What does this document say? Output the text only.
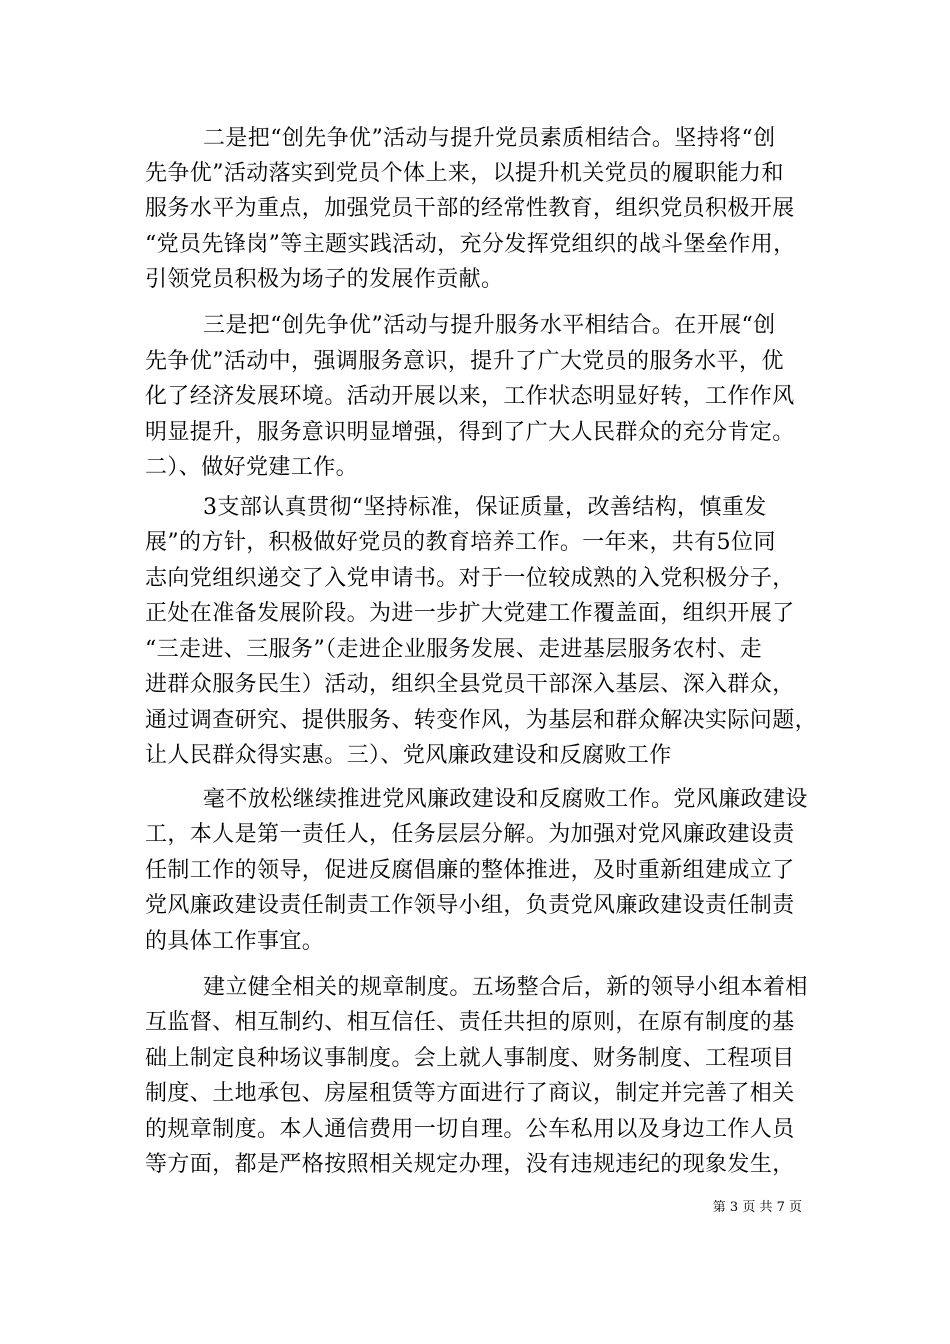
二是把“创先争优”活动与提升党员素质相结合。坚持将“创
先争优”活动落实到党员个体上来，以提升机关党员的履职能力和
服务水平为重点，加强党员干部的经常性教育，组织党员积极开展
“党员先锋岗”等主题实践活动，充分发挥党组织的战斗堡垒作用，
引领党员积极为场子的发展作贡献。
三是把“创先争优”活动与提升服务水平相结合。在开展“创
先争优”活动中，强调服务意识，提升了广大党员的服务水平，优
化了经济发展环境。活动开展以来，工作状态明显好转，工作作风
明显提升，服务意识明显增强，得到了广大人民群众的充分肯定。
二）、做好党建工作。
3支部认真贯彻“坚持标准，保证质量，改善结构，慎重发
展”的方针，积极做好党员的教育培养工作。一年来，共有5位同
志向党组织递交了入党申请书。对于一位较成熟的入党积极分子，
正处在准备发展阶段。为进一步扩大党建工作覆盖面，组织开展了
“三走进、三服务”（走进企业服务发展、走进基层服务农村、走
进群众服务民生）活动，组织全县党员干部深入基层、深入群众，
通过调查研究、提供服务、转变作风，为基层和群众解决实际问题，
让人民群众得实惠。三）、党风廉政建设和反腐败工作
毫不放松继续推进党风廉政建设和反腐败工作。党风廉政建设
工，本人是第一责任人，任务层层分解。为加强对党风廉政建设责
任制工作的领导，促进反腐倡廉的整体推进，及时重新组建成立了
党风廉政建设责任制责工作领导小组，负责党风廉政建设责任制责
的具体工作事宜。
建立健全相关的规章制度。五场整合后，新的领导小组本着相
互监督、相互制约、相互信任、责任共担的原则，在原有制度的基
础上制定良种场议事制度。会上就人事制度、财务制度、工程项目
制度、土地承包、房屋租赁等方面进行了商议，制定并完善了相关
的规章制度。本人通信费用一切自理。公车私用以及身边工作人员
等方面，都是严格按照相关规定办理，没有违规违纪的现象发生，
第 3 页 共 7 页
